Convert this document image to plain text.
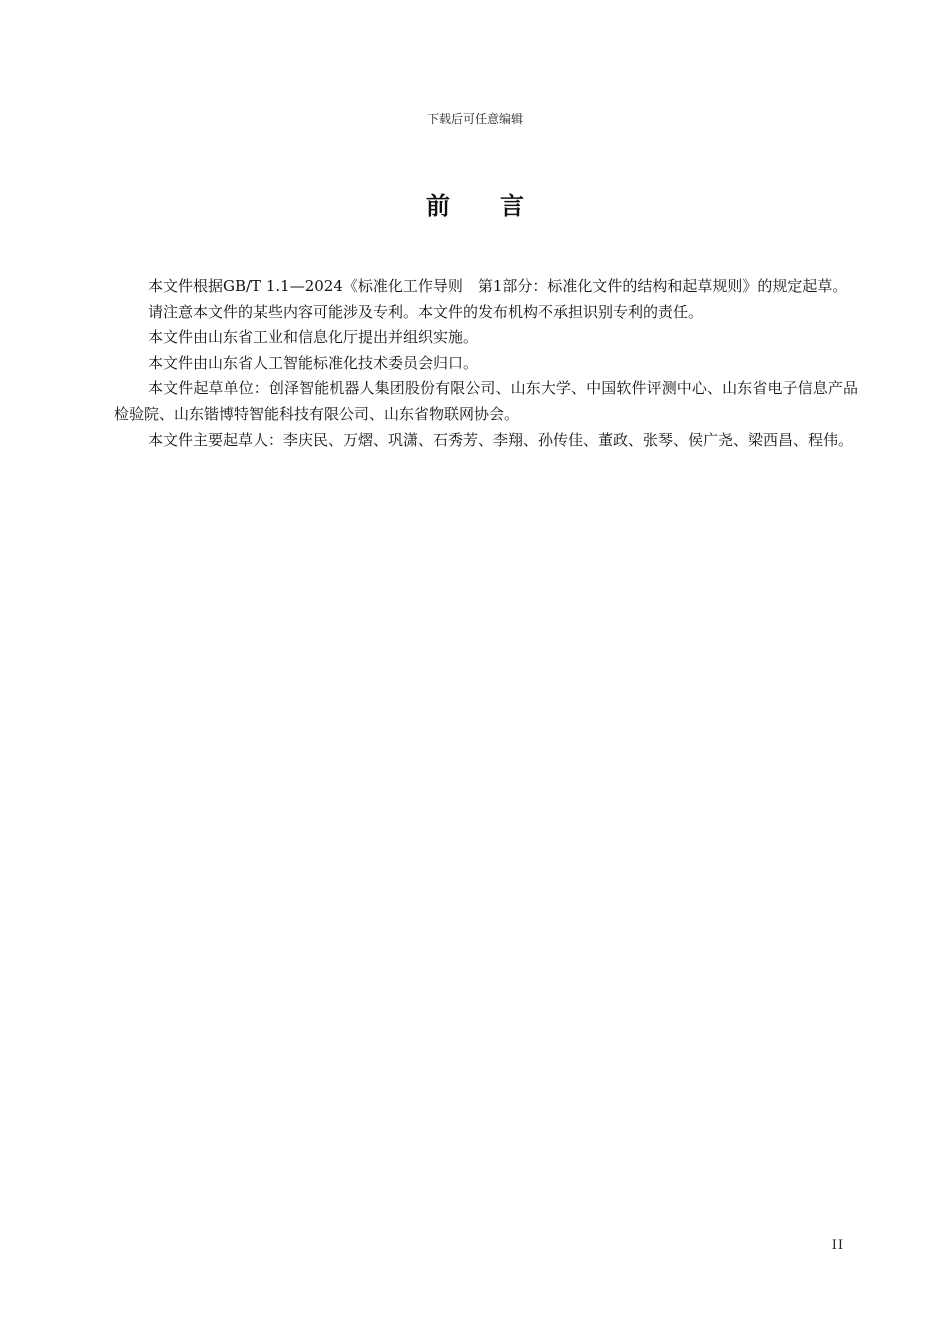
下载后可任意编辑
前 言

本文件根据GB/T 1.1—2024《标准化工作导则　第1部分：标准化文件的结构和起草规则》的规定起草。

请注意本文件的某些内容可能涉及专利。本文件的发布机构不承担识别专利的责任。

本文件由山东省工业和信息化厅提出并组织实施。

本文件由山东省人工智能标准化技术委员会归口。

本文件起草单位：创泽智能机器人集团股份有限公司、山东大学、中国软件评测中心、山东省电子信息产品检验院、山东锴博特智能科技有限公司、山东省物联网协会。

本文件主要起草人：李庆民、万熠、巩潇、石秀芳、李翔、孙传佳、董政、张琴、侯广尧、梁西昌、程伟。

II
